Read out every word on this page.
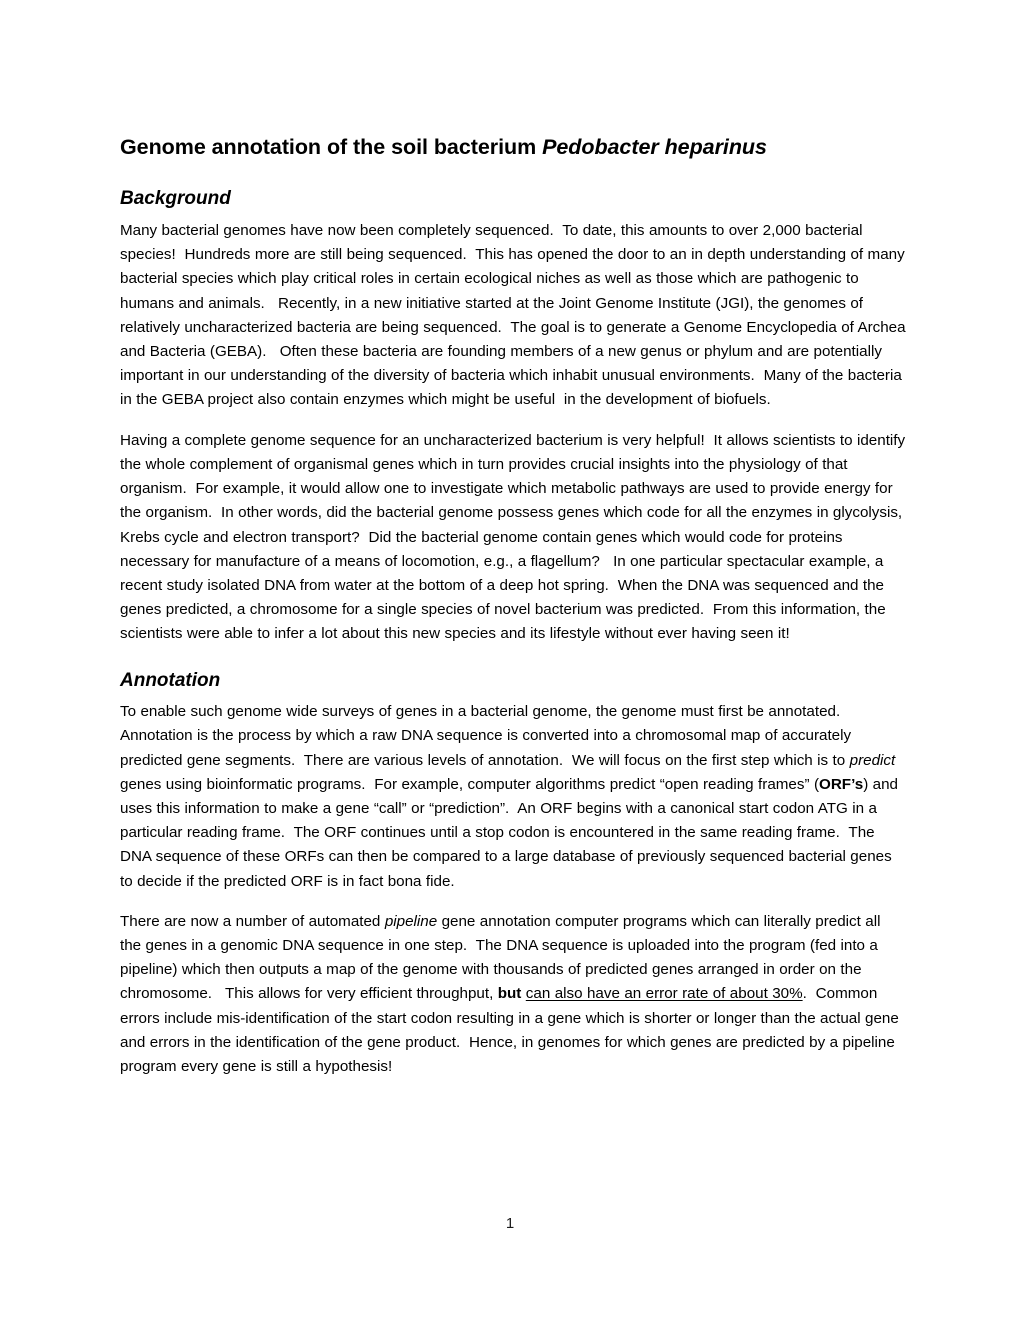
Genome annotation of the soil bacterium Pedobacter heparinus
Background

Many bacterial genomes have now been completely sequenced.  To date, this amounts to over 2,000 bacterial species!  Hundreds more are still being sequenced.  This has opened the door to an in depth understanding of many bacterial species which play critical roles in certain ecological niches as well as those which are pathogenic to humans and animals.   Recently, in a new initiative started at the Joint Genome Institute (JGI), the genomes of relatively uncharacterized bacteria are being sequenced.  The goal is to generate a Genome Encyclopedia of Archea and Bacteria (GEBA).   Often these bacteria are founding members of a new genus or phylum and are potentially important in our understanding of the diversity of bacteria which inhabit unusual environments.  Many of the bacteria in the GEBA project also contain enzymes which might be useful  in the development of biofuels.

Having a complete genome sequence for an uncharacterized bacterium is very helpful!  It allows scientists to identify the whole complement of organismal genes which in turn provides crucial insights into the physiology of that organism.  For example, it would allow one to investigate which metabolic pathways are used to provide energy for the organism.  In other words, did the bacterial genome possess genes which code for all the enzymes in glycolysis, Krebs cycle and electron transport?  Did the bacterial genome contain genes which would code for proteins necessary for manufacture of a means of locomotion, e.g., a flagellum?   In one particular spectacular example, a recent study isolated DNA from water at the bottom of a deep hot spring.  When the DNA was sequenced and the genes predicted, a chromosome for a single species of novel bacterium was predicted.  From this information, the scientists were able to infer a lot about this new species and its lifestyle without ever having seen it!

Annotation

To enable such genome wide surveys of genes in a bacterial genome, the genome must first be annotated.   Annotation is the process by which a raw DNA sequence is converted into a chromosomal map of accurately predicted gene segments.  There are various levels of annotation.  We will focus on the first step which is to predict genes using bioinformatic programs.  For example, computer algorithms predict “open reading frames” (ORF’s) and uses this information to make a gene “call” or “prediction”.  An ORF begins with a canonical start codon ATG in a particular reading frame.  The ORF continues until a stop codon is encountered in the same reading frame.  The DNA sequence of these ORFs can then be compared to a large database of previously sequenced bacterial genes to decide if the predicted ORF is in fact bona fide.

There are now a number of automated pipeline gene annotation computer programs which can literally predict all the genes in a genomic DNA sequence in one step.  The DNA sequence is uploaded into the program (fed into a pipeline) which then outputs a map of the genome with thousands of predicted genes arranged in order on the chromosome.   This allows for very efficient throughput, but can also have an error rate of about 30%.  Common errors include mis-identification of the start codon resulting in a gene which is shorter or longer than the actual gene and errors in the identification of the gene product.  Hence, in genomes for which genes are predicted by a pipeline program every gene is still a hypothesis!

1
